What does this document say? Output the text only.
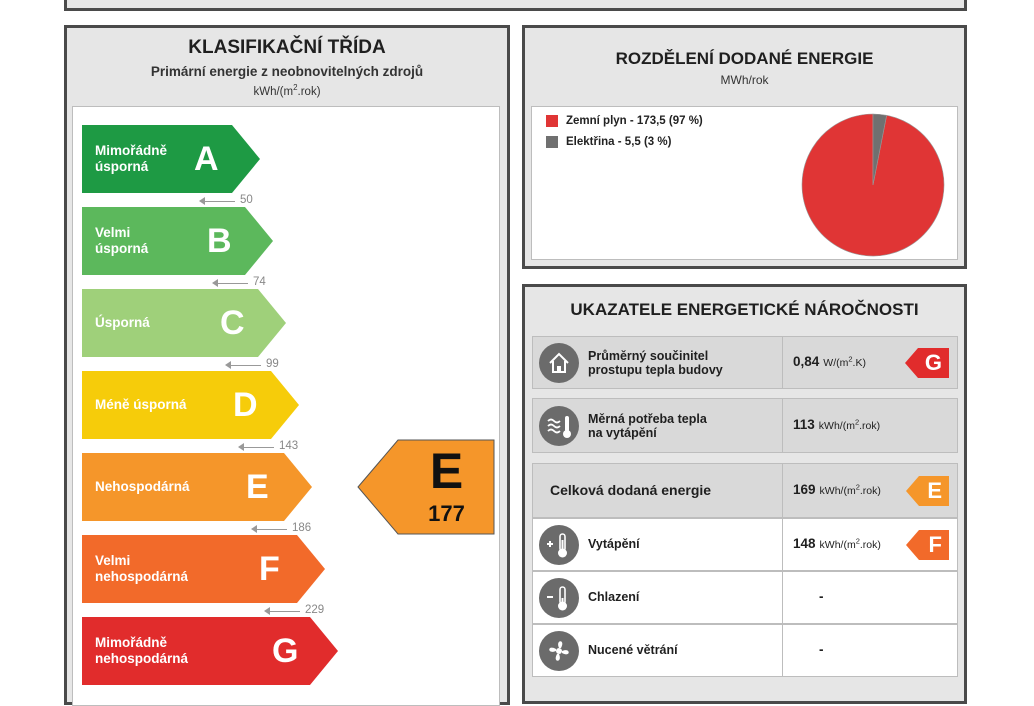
KLASIFIKAČNÍ TŘÍDA
Primární energie z neobnovitelných zdrojů
kWh/$(m^2.rok)$
Mimořádně
úsporná	A
Velmi
úsporná B
Úsporná C
Méně úsporná D
Nehospodárná E
Velmi
nehospodárná F
Mimořádně
nehospodárná G
50
74
99
143
186
229
E
177
ROZDĚLENÍ DODANÉ ENERGIE
MWh/rok
Zemní plyn - 173,5 (97 %)
Elektřina - 5,5 (3 %)
UKAZATELE ENERGETICKÉ NÁROČNOSTI
Průměrný součinitel
prostupu tepla budovy
0,84 $W/(m^2.K)$	G
Měrná potřeba tepla
na vytápění
113 kWh/$(m^2.rok)$
Celková dodaná energie	169 kWh/$(m^2.rok)$ E
Vytápění	148 kWh/$(m^2.rok)$ F
Chlazení	-
Nucené větrání	-
